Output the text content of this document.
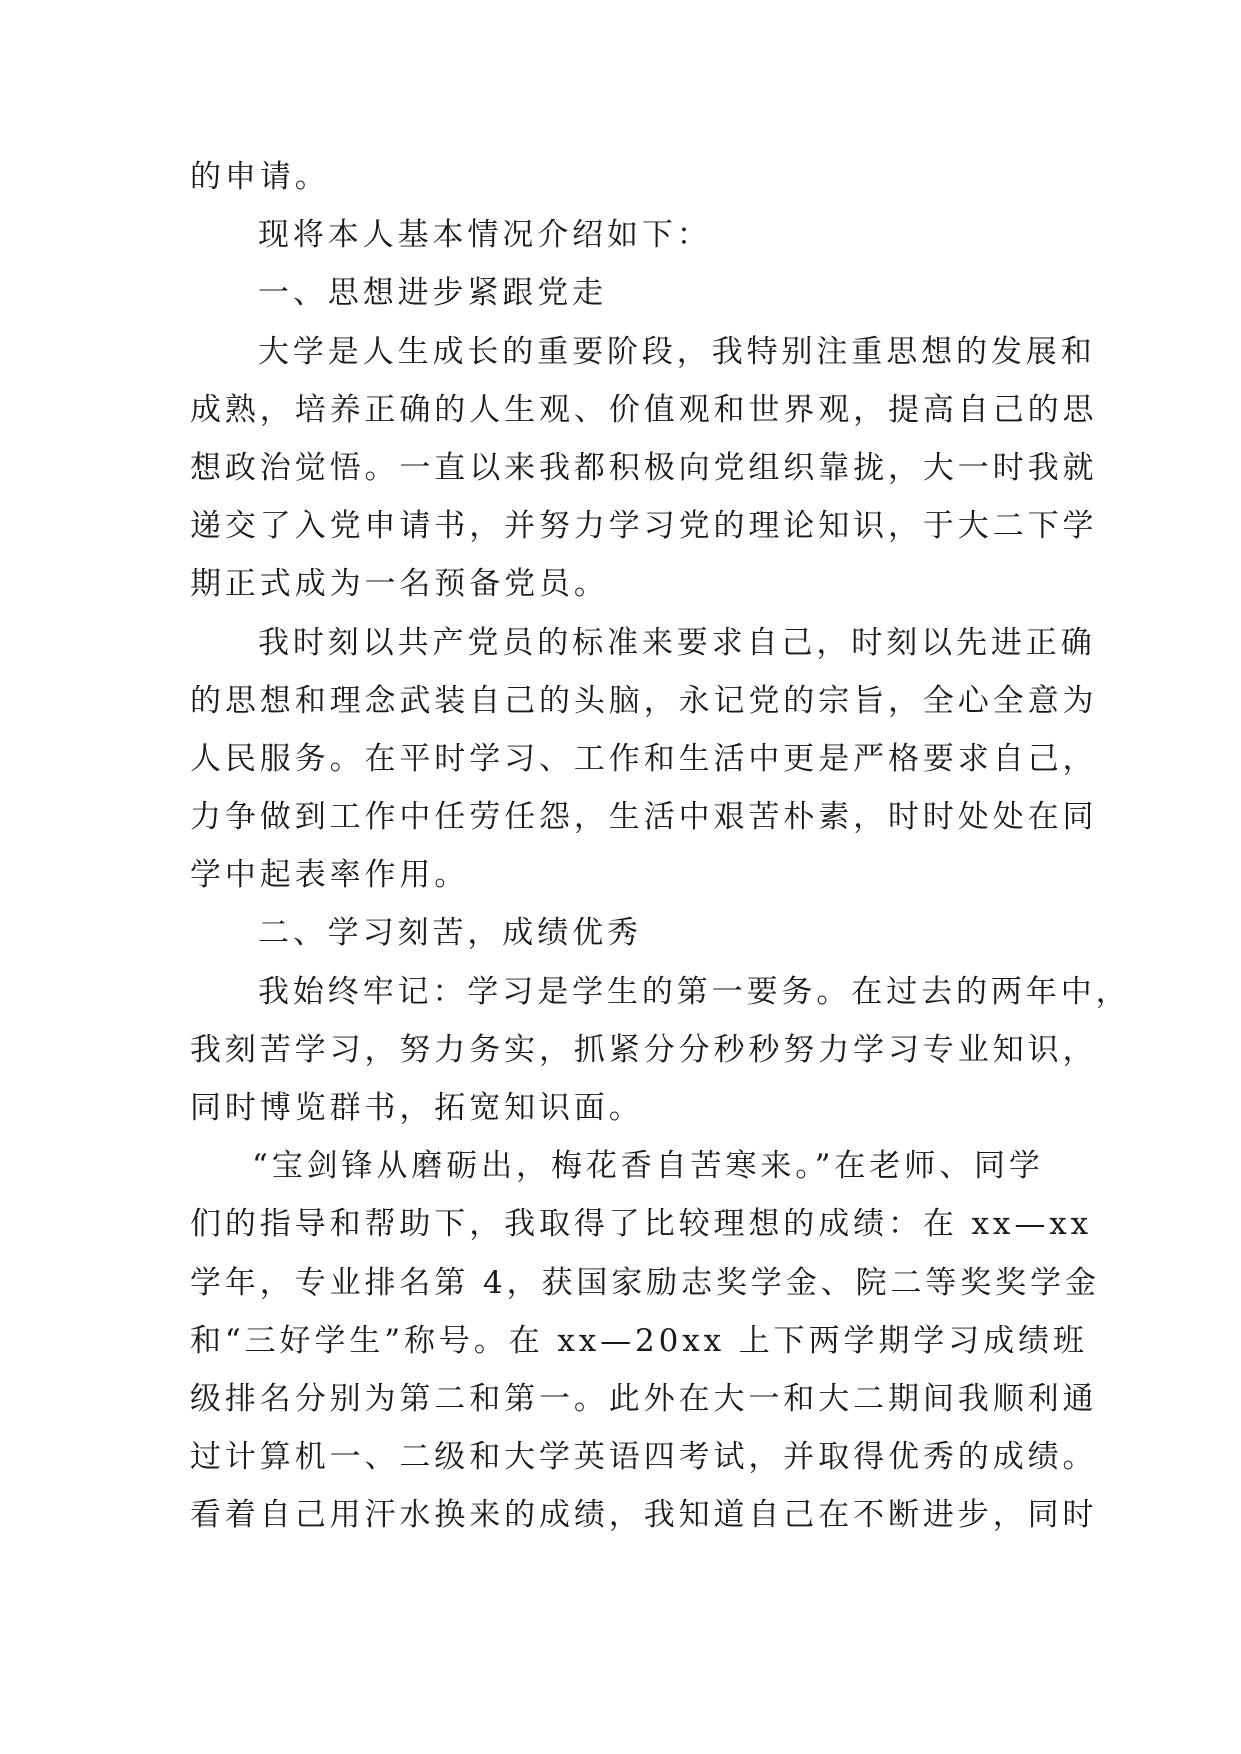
的申请。
现将本人基本情况介绍如下：
一、思想进步紧跟党走
大学是人生成长的重要阶段，我特别注重思想的发展和
成熟，培养正确的人生观、价值观和世界观，提高自己的思
想政治觉悟。一直以来我都积极向党组织靠拢，大一时我就
递交了入党申请书，并努力学习党的理论知识，于大二下学
期正式成为一名预备党员。
我时刻以共产党员的标准来要求自己，时刻以先进正确
的思想和理念武装自己的头脑，永记党的宗旨，全心全意为
人民服务。在平时学习、工作和生活中更是严格要求自己，
力争做到工作中任劳任怨，生活中艰苦朴素，时时处处在同
学中起表率作用。
二、学习刻苦，成绩优秀
我始终牢记：学习是学生的第一要务。在过去的两年中，
我刻苦学习，努力务实，抓紧分分秒秒努力学习专业知识，
同时博览群书，拓宽知识面。
“宝剑锋从磨砺出，梅花香自苦寒来。”在老师、同学
们的指导和帮助下，我取得了比较理想的成绩：在 xx—xx
学年，专业排名第 4，获国家励志奖学金、院二等奖奖学金
和“三好学生”称号。在 xx—20xx 上下两学期学习成绩班
级排名分别为第二和第一。此外在大一和大二期间我顺利通
过计算机一、二级和大学英语四考试，并取得优秀的成绩。
看着自己用汗水换来的成绩，我知道自己在不断进步，同时
